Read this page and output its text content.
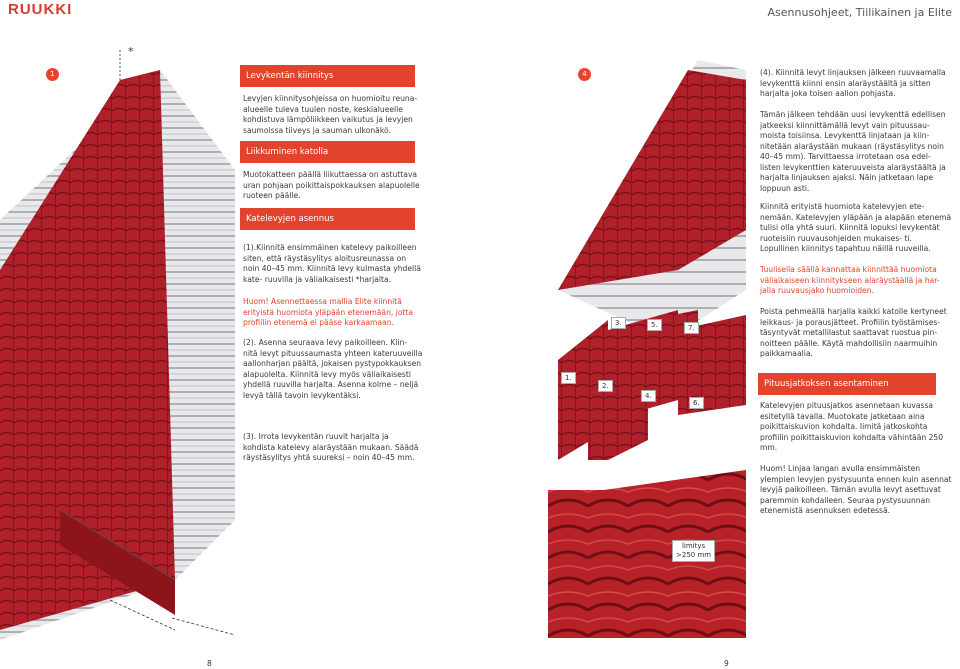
RUUKKI	Asennusohjeet, Tiilikainen ja Elite
1	4
*
Levykentän kiinnitys
Levyjen kiinnitysohjeissa on huomioitu reuna- alueelle tuleva tuulen noste, keskialueelle kohdistuva lämpöliikkeen vaikutus ja levyjen saumoissa tiiveys ja sauman ulkonäkö.
Liikkuminen katolla
Muotokatteen päällä liikuttaessa on astuttava uran pohjaan poikittaispokkauksen alapuolelle ruoteen päälle.
Katelevyjen asennus
(1).Kiinnitä ensimmäinen katelevy paikoilleen siten, että räystäsylitys aloitusreunassa on noin 40–45 mm. Kiinnitä levy kulmasta yhdellä kate- ruuvilla ja väliaikaisesti *harjalta.
Huom! Asennettaessa mallia Elite kiinnitä erityistä huomiota yläpään etenemään, jotta profiilin etenemä ei pääse karkaamaan.
(2). Asenna seuraava levy paikoilleen. Kiin- nitä levyt pituussaumasta yhteen kateruuveilla aallonharjan päältä, jokaisen pystypokkauksen alapuolelta. Kiinnitä levy myös väliaikaisesti yhdellä ruuvilla harjalta. Asenna kolme – neljä levyä tällä tavoin levykentäksi.
(3). Irrota levykentän ruuvit harjalta ja kohdista katelevy alaräystään mukaan. Säädä räystäsylitys yhtä suureksi – noin 40–45 mm.
1.
2.
3.
4.
5.
6.
7.
limitys
>250 mm
(4). Kiinnitä levyt linjauksen jälkeen ruuvaamalla levykenttä kiinni ensin alaräystäältä ja sitten harjalta joka toisen aallon pohjasta.
Tämän jälkeen tehdään uusi levykenttä edellisen jatkeeksi kiinnittämällä levyt vain pituussau- moista toisiinsa. Levykenttä linjataan ja kiin- nitetään alaräystään mukaan (räystäsylitys noin 40–45 mm). Tarvittaessa irrotetaan osa edel- listen levykenttien kateruuveista alaräystäältä ja harjalta linjauksen ajaksi. Näin jatketaan lape loppuun asti.
Kiinnitä erityistä huomiota katelevyjen ete- nemään. Katelevyjen yläpään ja alapään etenemä tulisi olla yhtä suuri. Kiinnitä lopuksi levykentät ruoteisiin ruuvausohjeiden mukaises- ti. Lopullinen kiinnitys tapahtuu näillä ruuveilla.
Tuulisella säällä kannattaa kiinnittää huomiota väliaikaiseen kiinnitykseen alaräystäällä ja har- jalla ruuvausjako huomioiden.
Poista pehmeällä harjalla kaikki katolle kertyneet leikkaus- ja porausjätteet. Profiilin työstämises- täsyntyvät metallilastut saattavat ruostua pin- noitteen päälle. Käytä mahdollisiin naarmuihin paikkamaalia.
Pituusjatkoksen asentaminen
Katelevyjen pituusjatkos asennetaan kuvassa esitetyllä tavalla. Muotokate jatketaan aina poikittaiskuvion kohdalta. Iimitä jatkoskohta profiilin poikittaiskuvion kohdalta vähintään 250 mm.
Huom! Linjaa langan avulla ensimmäisten ylempien levyjen pystysuunta ennen kuin asennat levyjä paikoilleen. Tämän avulla levyt asettuvat paremmin kohdalleen. Seuraa pystysuunnan etenemistä asennuksen edetessä.
8	9
